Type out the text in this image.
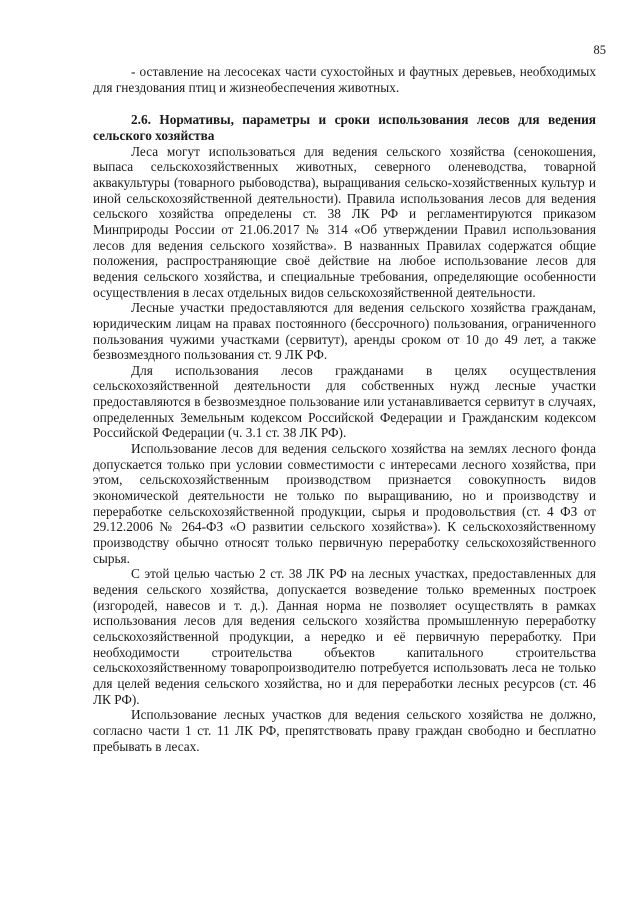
85

- оставление на лесосеках части сухостойных и фаутных деревьев, необходимых для гнездования птиц и жизнеобеспечения животных.

2.6. Нормативы, параметры и сроки использования лесов для ведения сельского хозяйства

Леса могут использоваться для ведения сельского хозяйства (сенокошения, выпаса сельскохозяйственных животных, северного оленеводства, товарной аквакультуры (товарного рыбоводства), выращивания сельско-хозяйственных культур и иной сельскохозяйственной деятельности). Правила использования лесов для ведения сельского хозяйства определены ст. 38 ЛК РФ и регламентируются приказом Минприроды России от 21.06.2017 № 314 «Об утверждении Правил использования лесов для ведения сельского хозяйства». В названных Правилах содержатся общие положения, распространяющие своё действие на любое использование лесов для ведения сельского хозяйства, и специальные требования, определяющие особенности осуществления в лесах отдельных видов сельскохозяйственной деятельности.

Лесные участки предоставляются для ведения сельского хозяйства гражданам, юридическим лицам на правах постоянного (бессрочного) пользования, ограниченного пользования чужими участками (сервитут), аренды сроком от 10 до 49 лет, а также безвозмездного пользования ст. 9 ЛК РФ.

Для использования лесов гражданами в целях осуществления сельскохозяйственной деятельности для собственных нужд лесные участки предоставляются в безвозмездное пользование или устанавливается сервитут в случаях, определенных Земельным кодексом Российской Федерации и Гражданским кодексом Российской Федерации (ч. 3.1 ст. 38 ЛК РФ).

Использование лесов для ведения сельского хозяйства на землях лесного фонда допускается только при условии совместимости с интересами лесного хозяйства, при этом, сельскохозяйственным производством признается совокупность видов экономической деятельности не только по выращиванию, но и производству и переработке сельскохозяйственной продукции, сырья и продовольствия (ст. 4 ФЗ от 29.12.2006 № 264-ФЗ «О развитии сельского хозяйства»). К сельскохозяйственному производству обычно относят только первичную переработку сельскохозяйственного сырья.

С этой целью частью 2 ст. 38 ЛК РФ на лесных участках, предоставленных для ведения сельского хозяйства, допускается возведение только временных построек (изгородей, навесов и т. д.). Данная норма не позволяет осуществлять в рамках использования лесов для ведения сельского хозяйства промышленную переработку сельскохозяйственной продукции, а нередко и её первичную переработку. При необходимости строительства объектов капитального строительства сельскохозяйственному товаропроизводителю потребуется использовать леса не только для целей ведения сельского хозяйства, но и для переработки лесных ресурсов (ст. 46 ЛК РФ).

Использование лесных участков для ведения сельского хозяйства не должно, согласно части 1 ст. 11 ЛК РФ, препятствовать праву граждан свободно и бесплатно пребывать в лесах.
